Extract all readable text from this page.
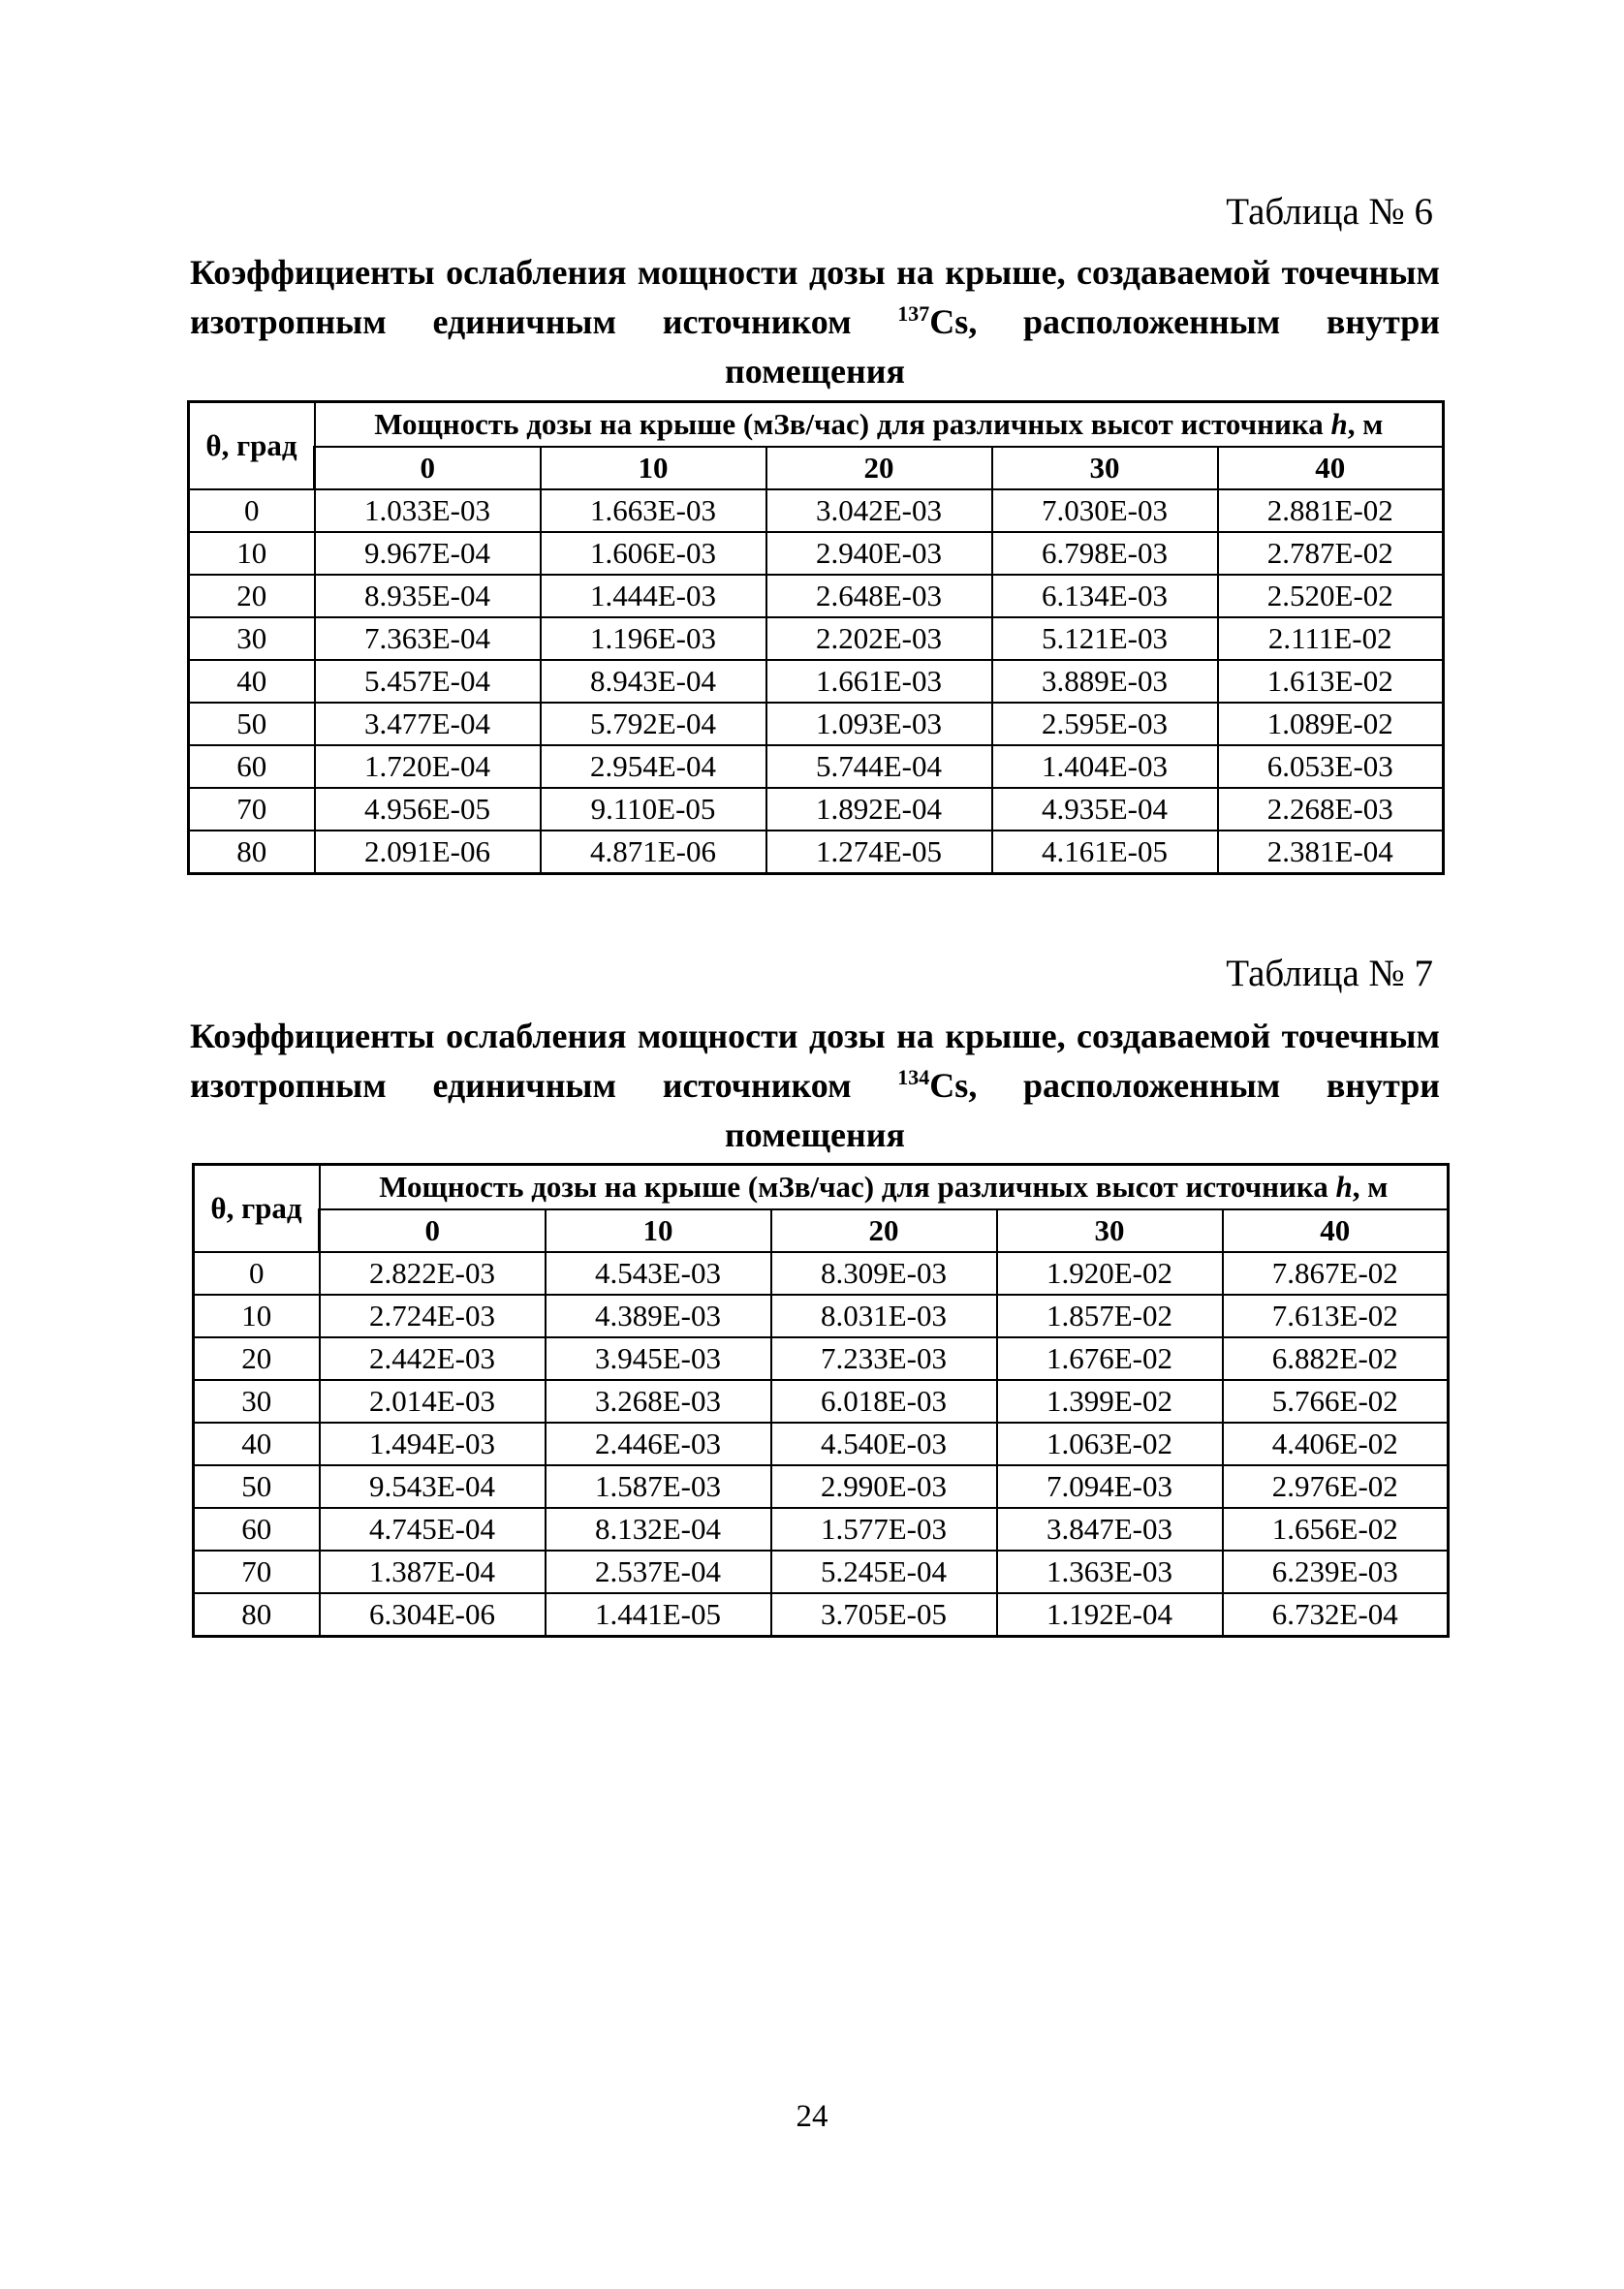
Таблица № 6
Коэффициенты ослабления мощности дозы на крыше, создаваемой точечным изотропным единичным источником $^{137}$Cs, расположенным внутри помещения
θ, град	Мощность дозы на крыше (мЗв/час) для различных высот источника h, м				
	0	10	20	30	40
0	1.033E-03	1.663E-03	3.042E-03	7.030E-03	2.881E-02
10	9.967E-04	1.606E-03	2.940E-03	6.798E-03	2.787E-02
20	8.935E-04	1.444E-03	2.648E-03	6.134E-03	2.520E-02
30	7.363E-04	1.196E-03	2.202E-03	5.121E-03	2.111E-02
40	5.457E-04	8.943E-04	1.661E-03	3.889E-03	1.613E-02
50	3.477E-04	5.792E-04	1.093E-03	2.595E-03	1.089E-02
60	1.720E-04	2.954E-04	5.744E-04	1.404E-03	6.053E-03
70	4.956E-05	9.110E-05	1.892E-04	4.935E-04	2.268E-03
80	2.091E-06	4.871E-06	1.274E-05	4.161E-05	2.381E-04
Таблица № 7
Коэффициенты ослабления мощности дозы на крыше, создаваемой точечным изотропным единичным источником $^{134}$Cs, расположенным внутри помещения
θ, град	Мощность дозы на крыше (мЗв/час) для различных высот источника h, м				
	0	10	20	30	40
0	2.822E-03	4.543E-03	8.309E-03	1.920E-02	7.867E-02
10	2.724E-03	4.389E-03	8.031E-03	1.857E-02	7.613E-02
20	2.442E-03	3.945E-03	7.233E-03	1.676E-02	6.882E-02
30	2.014E-03	3.268E-03	6.018E-03	1.399E-02	5.766E-02
40	1.494E-03	2.446E-03	4.540E-03	1.063E-02	4.406E-02
50	9.543E-04	1.587E-03	2.990E-03	7.094E-03	2.976E-02
60	4.745E-04	8.132E-04	1.577E-03	3.847E-03	1.656E-02
70	1.387E-04	2.537E-04	5.245E-04	1.363E-03	6.239E-03
80	6.304E-06	1.441E-05	3.705E-05	1.192E-04	6.732E-04
24
